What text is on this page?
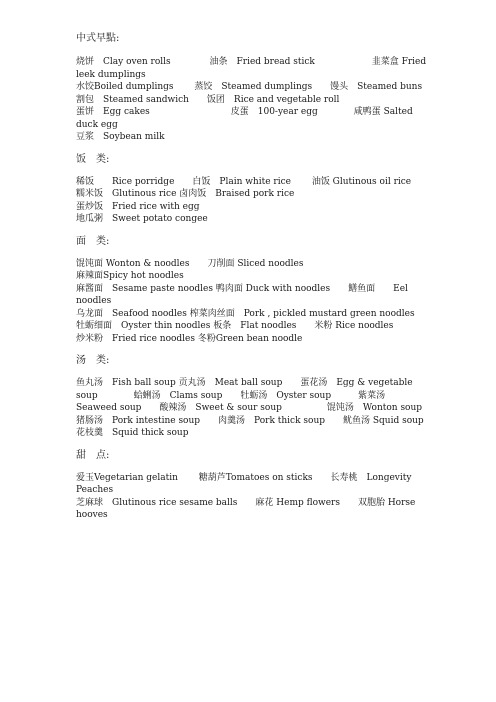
中式早點:

烧饼　Clay oven rolls　　　　 油条　Fried bread stick　　　　　　 韭菜盒 Fried leek dumplings

水饺Boiled dumplings　　 蒸饺　Steamed dumplings　　馒头　Steamed buns

割包　Steamed sandwich　　饭团　Rice and vegetable roll

蛋饼　Egg cakes　　　　　　　　　皮蛋　100-year egg　　　　咸鸭蛋 Salted duck egg

豆浆　Soybean milk

饭　类:

稀饭　　Rice porridge　　白饭　Plain white rice　　 油饭 Glutinous oil rice

糯米饭　Glutinous rice 卤肉饭　Braised pork rice

蛋炒饭　Fried rice with egg

地瓜粥　Sweet potato congee

面　类:

馄饨面 Wonton & noodles　　刀削面 Sliced noodles

麻辣面Spicy hot noodles

麻酱面　Sesame paste noodles 鸭肉面 Duck with noodles　　鳝鱼面　　Eel noodles

乌龙面　Seafood noodles 榨菜肉丝面　Pork , pickled mustard green noodles

牡蛎细面　Oyster thin noodles 板条　Flat noodles　　米粉 Rice noodles

炒米粉　Fried rice noodles 冬粉Green bean noodle

汤　类:

鱼丸汤　Fish ball soup 贡丸汤　Meat ball soup　　蛋花汤　Egg & vegetable soup　　　　蛤蜊汤　Clams soup　　牡蛎汤　Oyster soup　　　紫菜汤　Seaweed soup　　酸辣汤　Sweet & sour soup　　　　　馄饨汤　Wonton soup　　猪肠汤　Pork intestine soup　　肉羹汤　Pork thick soup　　鱿鱼汤 Squid soup　　 花枝羹　Squid thick soup

甜　点:

爱玉Vegetarian gelatin　　 糖葫芦Tomatoes on sticks　　长寿桃　Longevity Peaches

芝麻球　Glutinous rice sesame balls　　麻花 Hemp flowers　　双胞胎 Horse hooves
